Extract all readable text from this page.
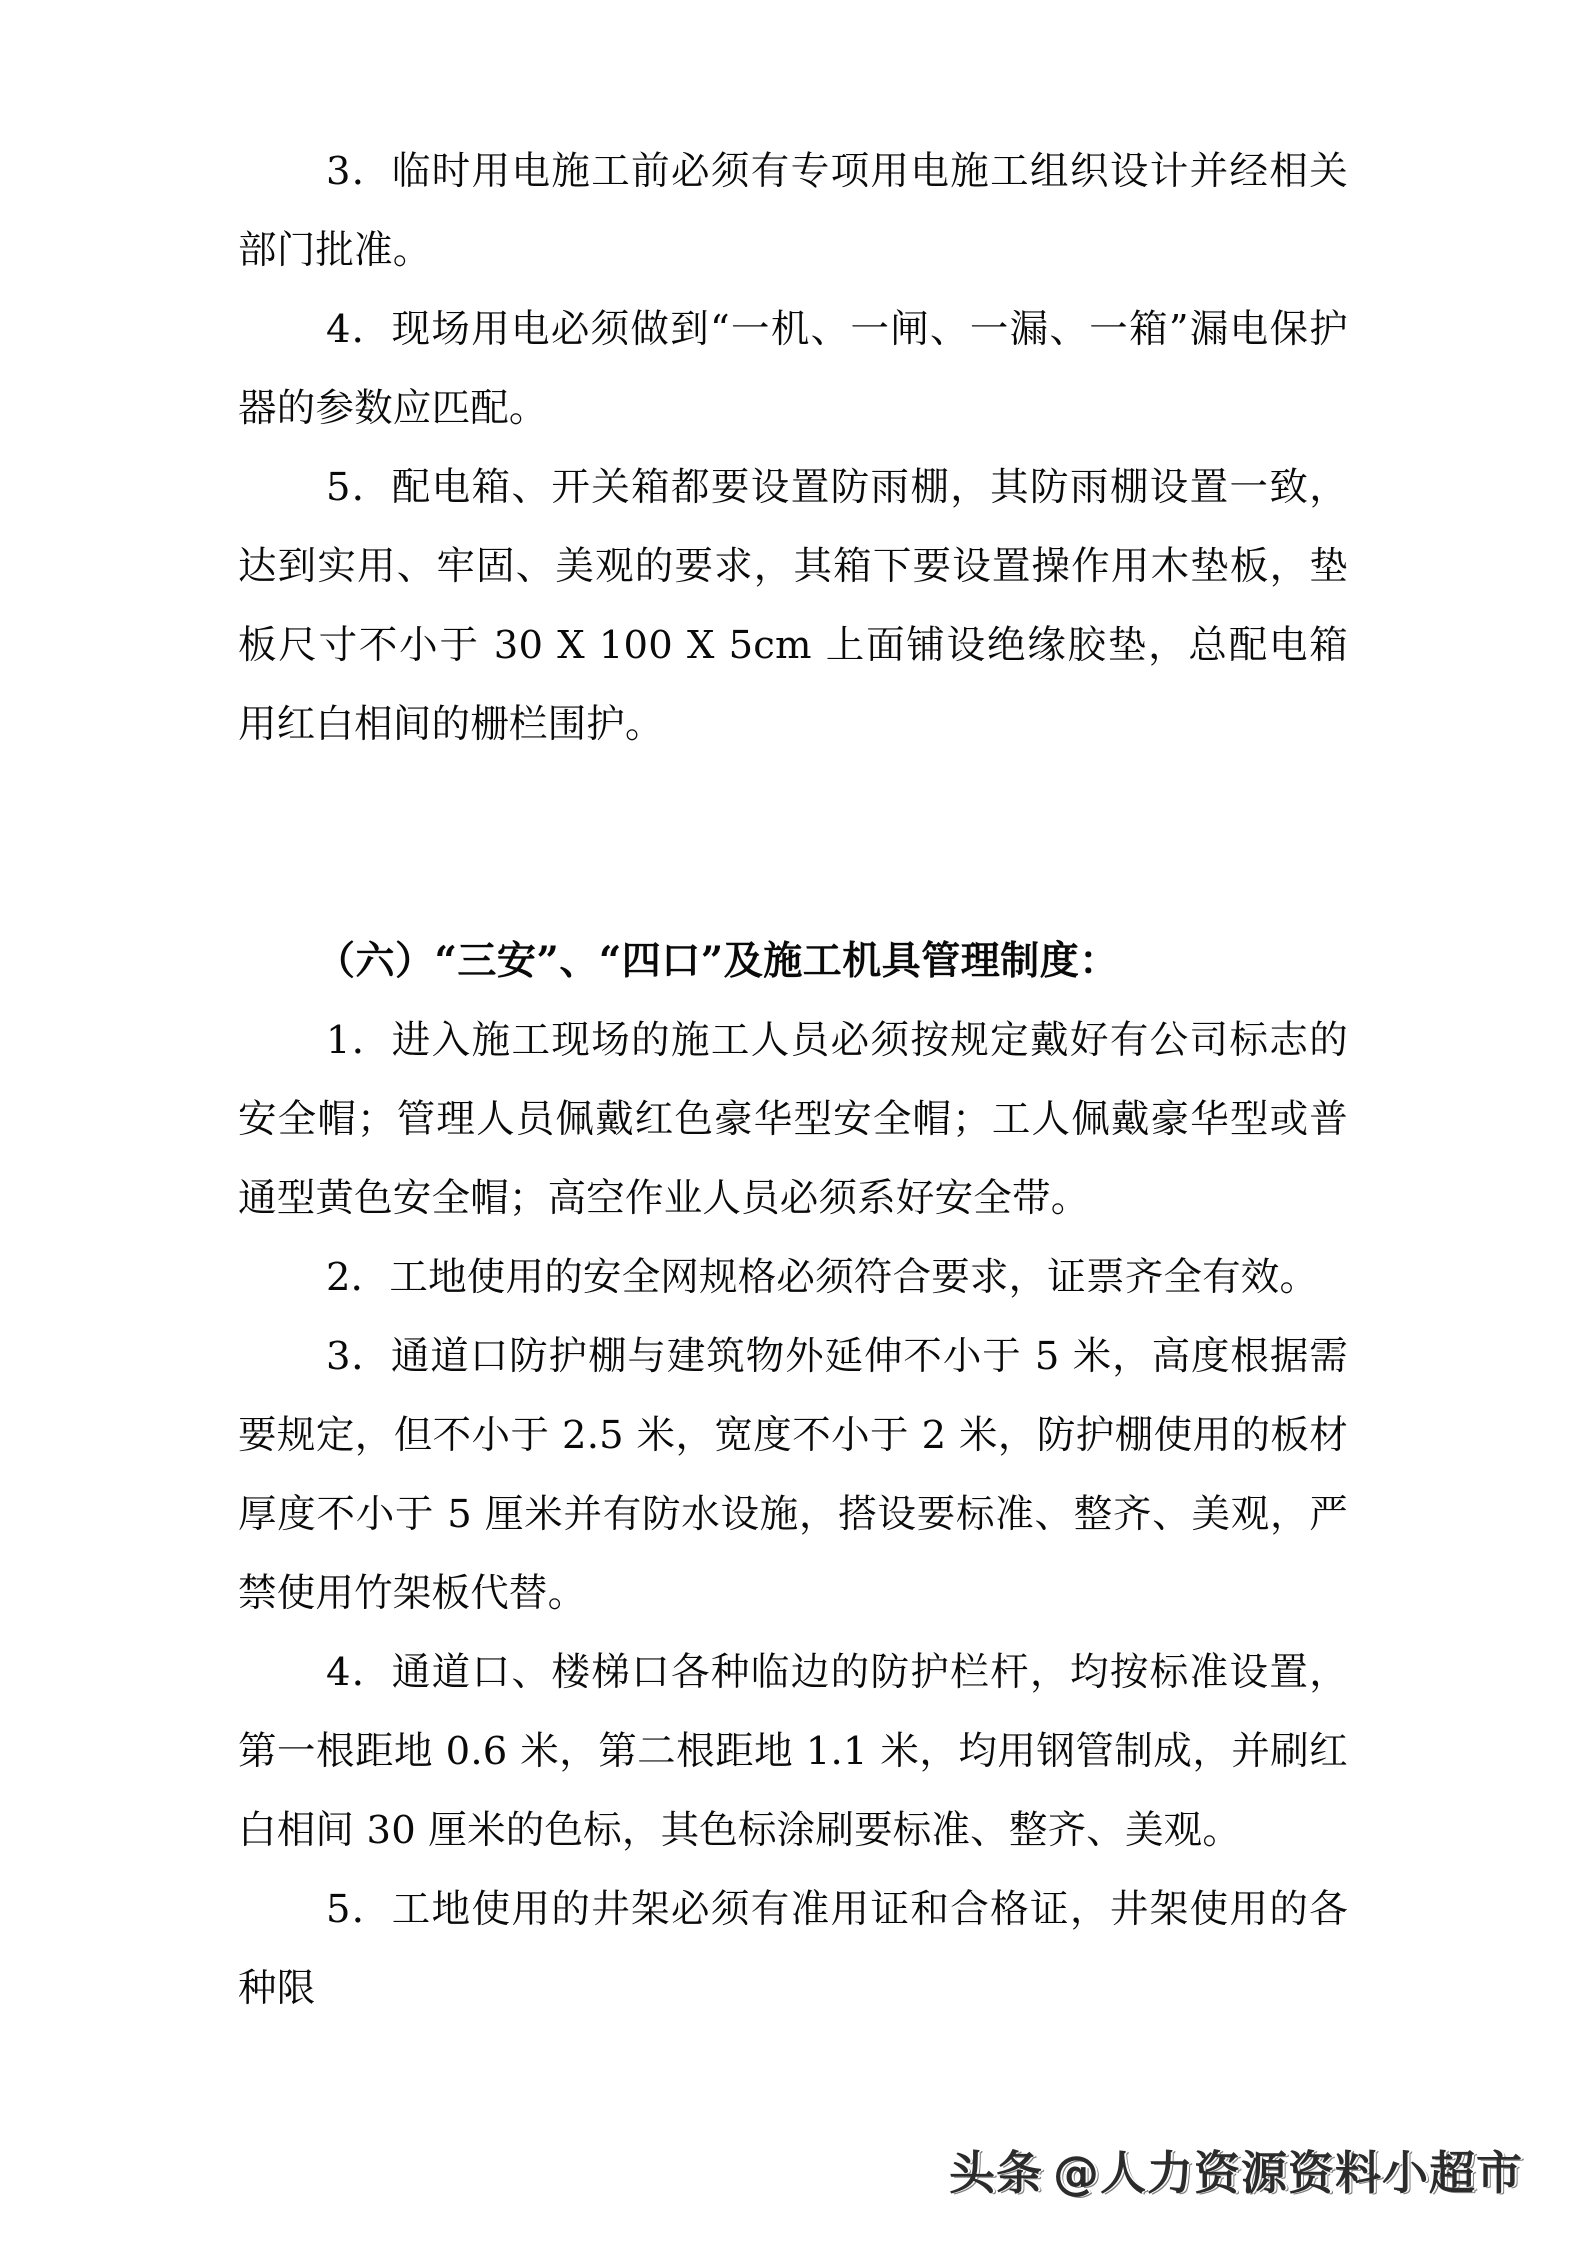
3．临时用电施工前必须有专项用电施工组织设计并经相关部门批准。

4．现场用电必须做到“一机、一闸、一漏、一箱”漏电保护器的参数应匹配。

5．配电箱、开关箱都要设置防雨棚，其防雨棚设置一致，达到实用、牢固、美观的要求，其箱下要设置操作用木垫板，垫板尺寸不小于 30 X 100 X 5cm 上面铺设绝缘胶垫，总配电箱用红白相间的栅栏围护。

（六）“三安”、“四口”及施工机具管理制度：

1．进入施工现场的施工人员必须按规定戴好有公司标志的安全帽；管理人员佩戴红色豪华型安全帽；工人佩戴豪华型或普通型黄色安全帽；高空作业人员必须系好安全带。

2．工地使用的安全网规格必须符合要求，证票齐全有效。

3．通道口防护棚与建筑物外延伸不小于 5 米，高度根据需要规定，但不小于 2.5 米，宽度不小于 2 米，防护棚使用的板材厚度不小于 5 厘米并有防水设施，搭设要标准、整齐、美观，严禁使用竹架板代替。

4．通道口、楼梯口各种临边的防护栏杆，均按标准设置，第一根距地 0.6 米，第二根距地 1.1 米，均用钢管制成，并刷红白相间 30 厘米的色标，其色标涂刷要标准、整齐、美观。

5．工地使用的井架必须有准用证和合格证，井架使用的各种限

头条 @人力资源资料小超市
